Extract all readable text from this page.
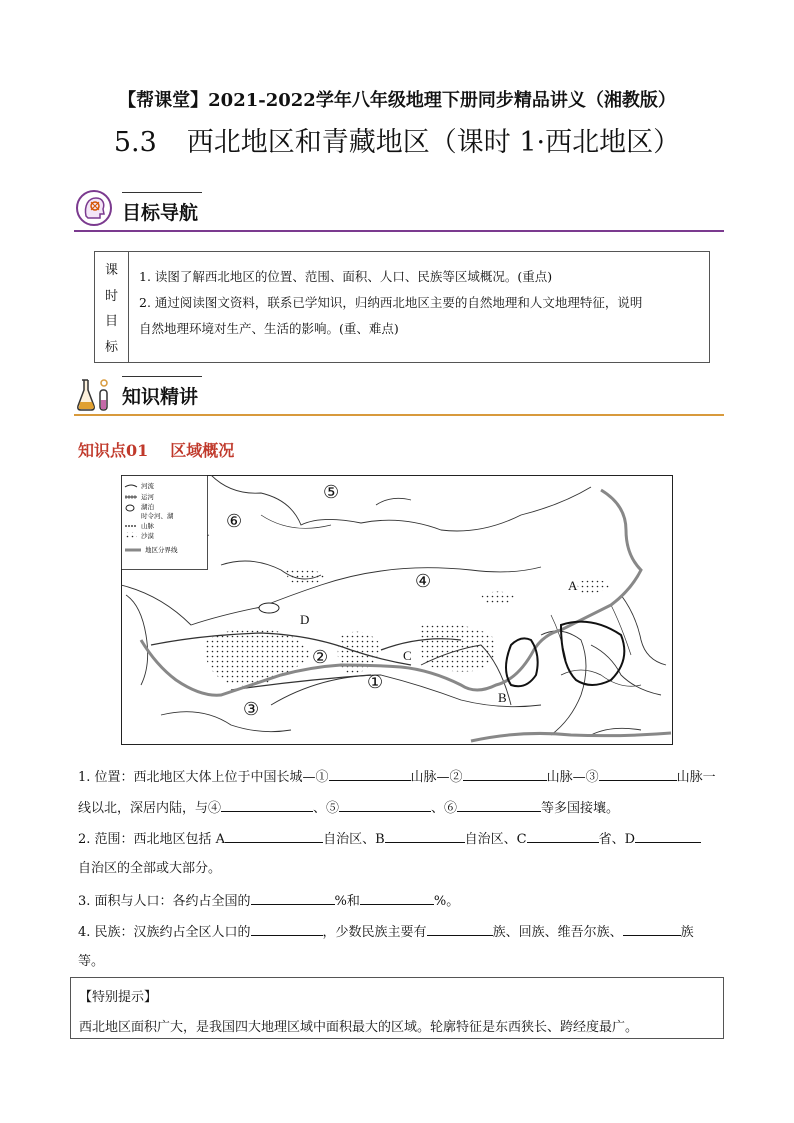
【帮课堂】2021-2022学年八年级地理下册同步精品讲义（湘教版）
5.3 西北地区和青藏地区（课时 1·西北地区）
目标导航
课
时
目
标
1. 读图了解西北地区的位置、范围、面积、人口、民族等区域概况。(重点)
2. 通过阅读图文资料，联系已学知识，归纳西北地区主要的自然地理和人文地理特征，说明
自然地理环境对生产、生活的影响。(重、难点)
知识精讲
知识点01 区域概况
河流
运河
湖泊
时令河、湖
山脉
沙漠
地区分界线
⑤
⑥
④
②
①
③
A
B
C
D
1. 位置：西北地区大体上位于中国长城—①	山脉—②	山脉—③	山脉一
线以北，深居内陆，与④	、⑤	、⑥	等多国接壤。
2. 范围：西北地区包括 A	自治区、B	自治区、C	省、D
自治区的全部或大部分。
3. 面积与人口：各约占全国的	%和	%。
4. 民族：汉族约占全区人口的	，少数民族主要有	族、回族、维吾尔族、	族
等。
【特别提示】
西北地区面积广大，是我国四大地理区域中面积最大的区域。轮廓特征是东西狭长、跨经度最广。
